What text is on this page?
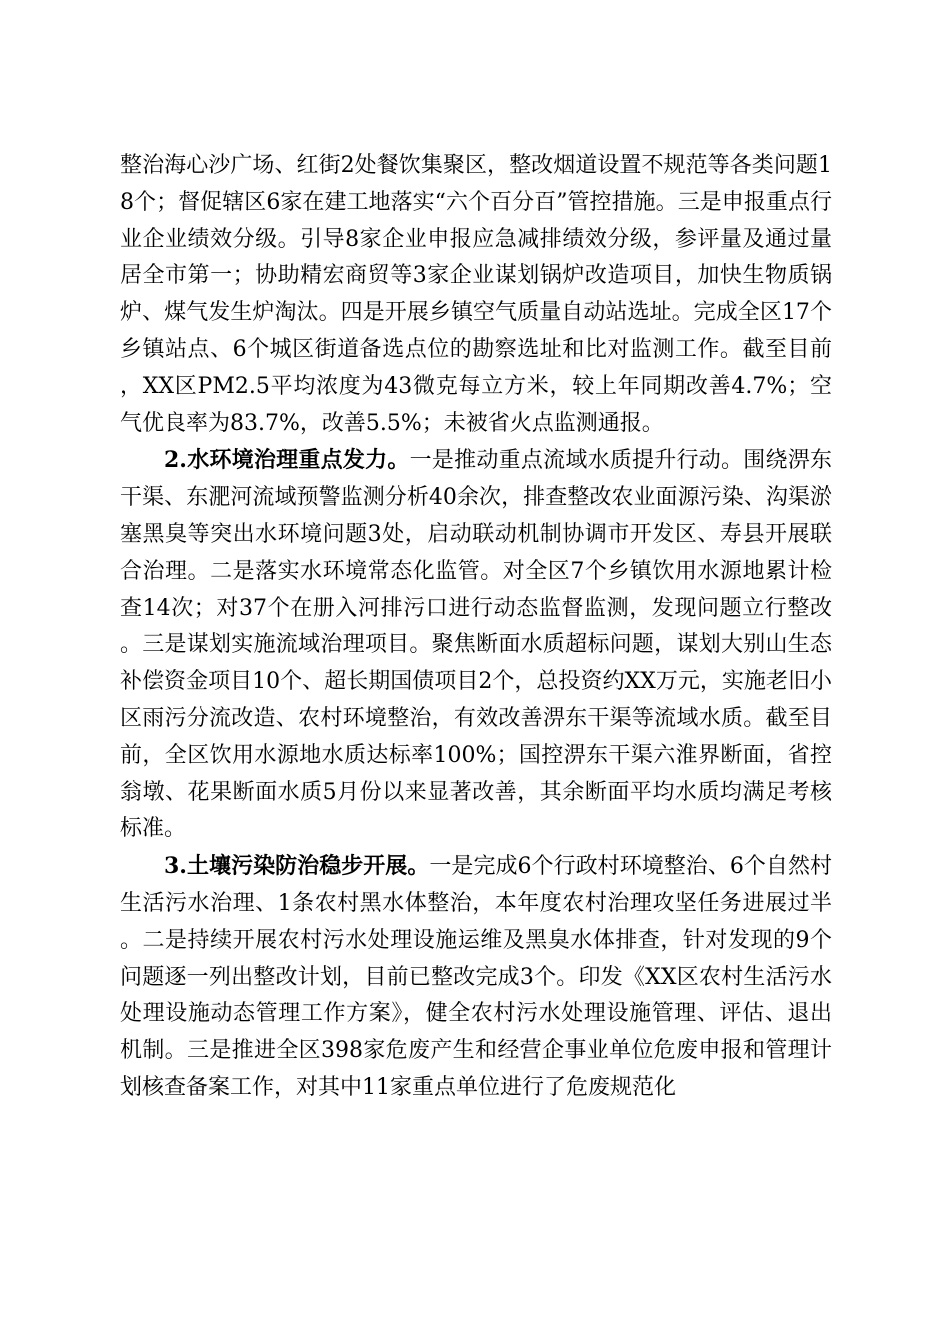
整治海心沙广场、红街2处餐饮集聚区，整改烟道设置不规范等各类问题18个；督促辖区6家在建工地落实“六个百分百”管控措施。三是申报重点行业企业绩效分级。引导8家企业申报应急减排绩效分级，参评量及通过量居全市第一；协助精宏商贸等3家企业谋划锅炉改造项目，加快生物质锅炉、煤气发生炉淘汰。四是开展乡镇空气质量自动站选址。完成全区17个乡镇站点、6个城区街道备选点位的勘察选址和比对监测工作。截至目前，XX区PM2.5平均浓度为43微克每立方米，较上年同期改善4.7%；空气优良率为83.7%，改善5.5%；未被省火点监测通报。

2.水环境治理重点发力。一是推动重点流域水质提升行动。围绕淠东干渠、东淝河流域预警监测分析40余次，排查整改农业面源污染、沟渠淤塞黑臭等突出水环境问题3处，启动联动机制协调市开发区、寿县开展联合治理。二是落实水环境常态化监管。对全区7个乡镇饮用水源地累计检查14次；对37个在册入河排污口进行动态监督监测，发现问题立行整改。三是谋划实施流域治理项目。聚焦断面水质超标问题，谋划大别山生态补偿资金项目10个、超长期国债项目2个，总投资约XX万元，实施老旧小区雨污分流改造、农村环境整治，有效改善淠东干渠等流域水质。截至目前，全区饮用水源地水质达标率100%；国控淠东干渠六淮界断面，省控翁墩、花果断面水质5月份以来显著改善，其余断面平均水质均满足考核标准。

3.土壤污染防治稳步开展。一是完成6个行政村环境整治、6个自然村生活污水治理、1条农村黑水体整治，本年度农村治理攻坚任务进展过半。二是持续开展农村污水处理设施运维及黑臭水体排查，针对发现的9个问题逐一列出整改计划，目前已整改完成3个。印发《XX区农村生活污水处理设施动态管理工作方案》，健全农村污水处理设施管理、评估、退出机制。三是推进全区398家危废产生和经营企事业单位危废申报和管理计划核查备案工作，对其中11家重点单位进行了危废规范化
